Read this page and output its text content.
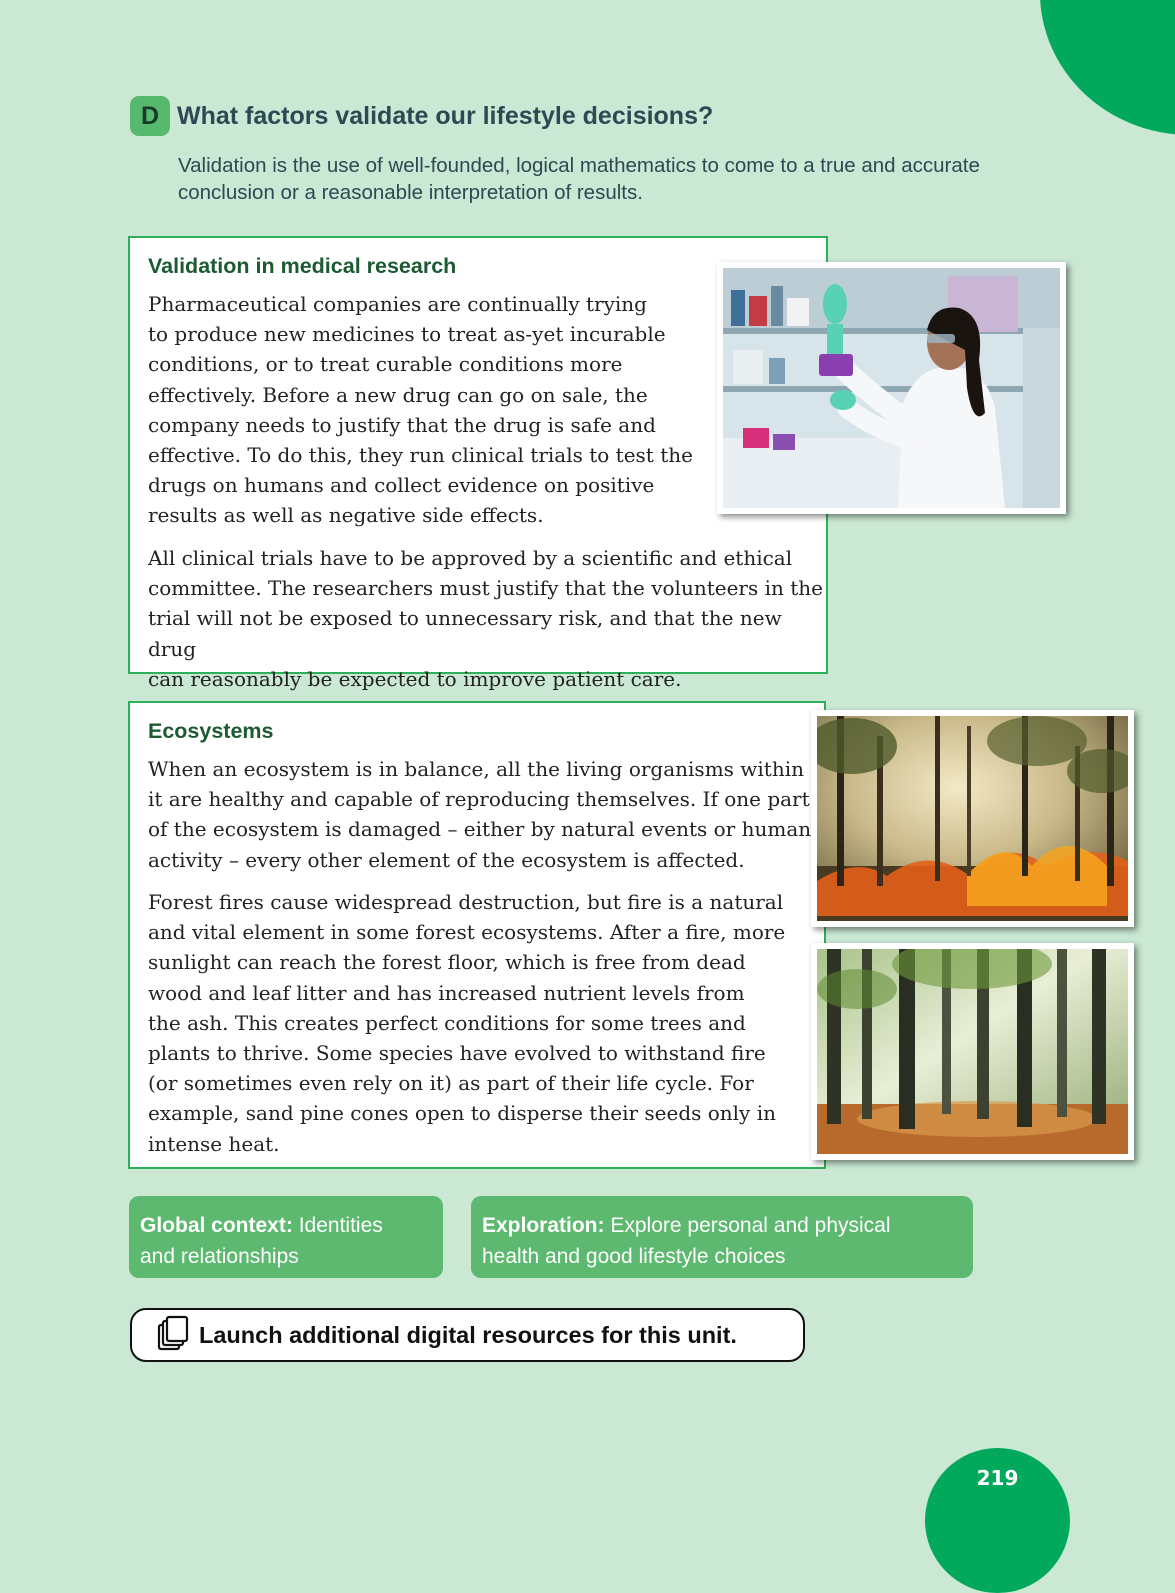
D What factors validate our lifestyle decisions?

Validation is the use of well-founded, logical mathematics to come to a true and accurate conclusion or a reasonable interpretation of results.

Validation in medical research
Pharmaceutical companies are continually trying
to produce new medicines to treat as-yet incurable
conditions, or to treat curable conditions more
effectively. Before a new drug can go on sale, the
company needs to justify that the drug is safe and
effective. To do this, they run clinical trials to test the
drugs on humans and collect evidence on positive
results as well as negative side effects.
All clinical trials have to be approved by a scientific and ethical
committee. The researchers must justify that the volunteers in the
trial will not be exposed to unnecessary risk, and that the new drug
can reasonably be expected to improve patient care.
Ecosystems
When an ecosystem is in balance, all the living organisms within
it are healthy and capable of reproducing themselves. If one part
of the ecosystem is damaged – either by natural events or human
activity – every other element of the ecosystem is affected.
Forest fires cause widespread destruction, but fire is a natural
and vital element in some forest ecosystems. After a fire, more
sunlight can reach the forest floor, which is free from dead
wood and leaf litter and has increased nutrient levels from
the ash. This creates perfect conditions for some trees and
plants to thrive. Some species have evolved to withstand fire
(or sometimes even rely on it) as part of their life cycle. For
example, sand pine cones open to disperse their seeds only in
intense heat.
Global context: Identities
and relationships
Exploration: Explore personal and physical
health and good lifestyle choices
Launch additional digital resources for this unit.
219
